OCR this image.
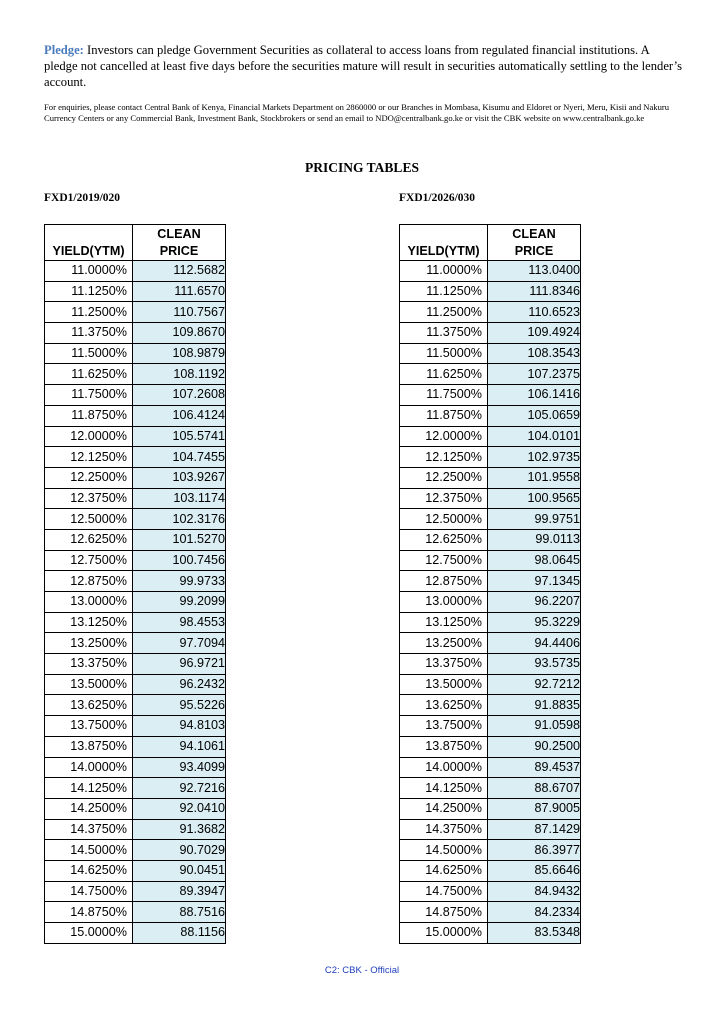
Pledge: Investors can pledge Government Securities as collateral to access loans from regulated financial institutions. A pledge not cancelled at least five days before the securities mature will result in securities automatically settling to the lender’s account.
For enquiries, please contact Central Bank of Kenya, Financial Markets Department on 2860000 or our Branches in Mombasa, Kisumu and Eldoret or Nyeri, Meru, Kisii and Nakuru Currency Centers or any Commercial Bank, Investment Bank, Stockbrokers or send an email to NDO@centralbank.go.ke or visit the CBK website on www.centralbank.go.ke
PRICING TABLES
FXD1/2019/020	FXD1/2026/030
YIELD(YTM)	CLEAN
PRICE
11.0000%	112.5682
11.1250%	111.6570
11.2500%	110.7567
11.3750%	109.8670
11.5000%	108.9879
11.6250%	108.1192
11.7500%	107.2608
11.8750%	106.4124
12.0000%	105.5741
12.1250%	104.7455
12.2500%	103.9267
12.3750%	103.1174
12.5000%	102.3176
12.6250%	101.5270
12.7500%	100.7456
12.8750%	99.9733
13.0000%	99.2099
13.1250%	98.4553
13.2500%	97.7094
13.3750%	96.9721
13.5000%	96.2432
13.6250%	95.5226
13.7500%	94.8103
13.8750%	94.1061
14.0000%	93.4099
14.1250%	92.7216
14.2500%	92.0410
14.3750%	91.3682
14.5000%	90.7029
14.6250%	90.0451
14.7500%	89.3947
14.8750%	88.7516
15.0000%	88.1156
YIELD(YTM)	CLEAN
PRICE
11.0000%	113.0400
11.1250%	111.8346
11.2500%	110.6523
11.3750%	109.4924
11.5000%	108.3543
11.6250%	107.2375
11.7500%	106.1416
11.8750%	105.0659
12.0000%	104.0101
12.1250%	102.9735
12.2500%	101.9558
12.3750%	100.9565
12.5000%	99.9751
12.6250%	99.0113
12.7500%	98.0645
12.8750%	97.1345
13.0000%	96.2207
13.1250%	95.3229
13.2500%	94.4406
13.3750%	93.5735
13.5000%	92.7212
13.6250%	91.8835
13.7500%	91.0598
13.8750%	90.2500
14.0000%	89.4537
14.1250%	88.6707
14.2500%	87.9005
14.3750%	87.1429
14.5000%	86.3977
14.6250%	85.6646
14.7500%	84.9432
14.8750%	84.2334
15.0000%	83.5348
C2: CBK - Official
